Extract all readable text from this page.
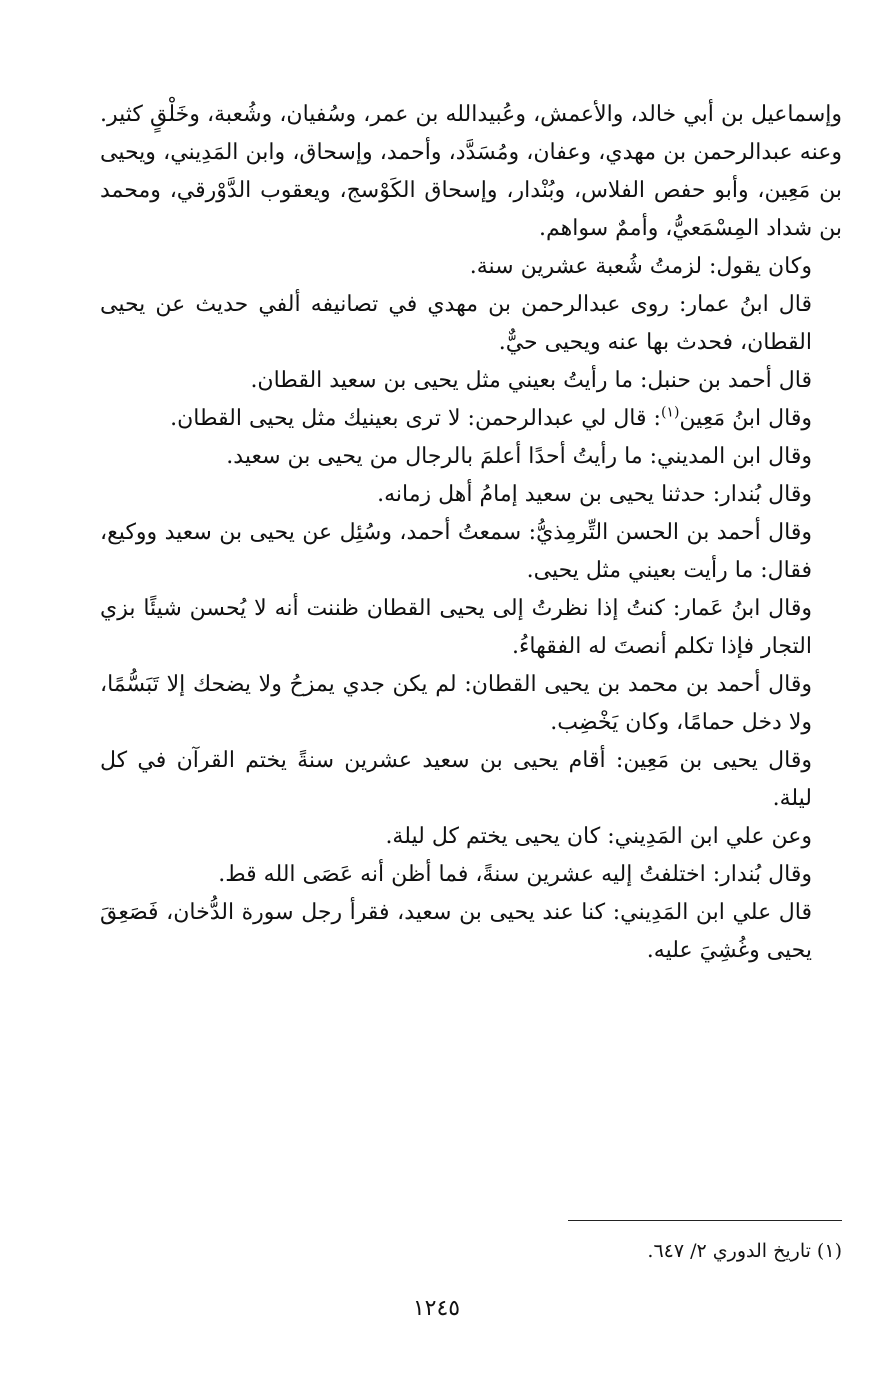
وإسماعيل بن أبي خالد، والأعمش، وعُبيدالله بن عمر، وسُفيان، وشُعبة، وخَلْقٍ كثير. وعنه عبدالرحمن بن مهدي، وعفان، ومُسَدَّد، وأحمد، وإسحاق، وابن المَدِيني، ويحيى بن مَعِين، وأبو حفص الفلاس، وبُنْدار، وإسحاق الكَوْسج، ويعقوب الدَّوْرقي، ومحمد بن شداد المِسْمَعيُّ، وأممٌ سواهم.

وكان يقول: لزمتُ شُعبة عشرين سنة.

قال ابنُ عمار: روى عبدالرحمن بن مهدي في تصانيفه ألفي حديث عن يحيى القطان، فحدث بها عنه ويحيى حيٌّ.

قال أحمد بن حنبل: ما رأيتُ بعيني مثل يحيى بن سعيد القطان.

وقال ابنُ مَعِين$^{(١)}$: قال لي عبدالرحمن: لا ترى بعينيك مثل يحيى القطان.

وقال ابن المديني: ما رأيتُ أحدًا أعلمَ بالرجال من يحيى بن سعيد.

وقال بُندار: حدثنا يحيى بن سعيد إمامُ أهل زمانه.

وقال أحمد بن الحسن التِّرمِذيُّ: سمعتُ أحمد، وسُئِل عن يحيى بن سعيد ووكيع، فقال: ما رأيت بعيني مثل يحيى.

وقال ابنُ عَمار: كنتُ إذا نظرتُ إلى يحيى القطان ظننت أنه لا يُحسن شيئًا بزي التجار فإذا تكلم أنصتَ له الفقهاءُ.

وقال أحمد بن محمد بن يحيى القطان: لم يكن جدي يمزحُ ولا يضحك إلا تَبَسُّمًا، ولا دخل حمامًا، وكان يَخْضِب.

وقال يحيى بن مَعِين: أقام يحيى بن سعيد عشرين سنةً يختم القرآن في كل ليلة.

وعن علي ابن المَدِيني: كان يحيى يختم كل ليلة.

وقال بُندار: اختلفتُ إليه عشرين سنةً، فما أظن أنه عَصَى الله قط.

قال علي ابن المَدِيني: كنا عند يحيى بن سعيد، فقرأ رجل سورة الدُّخان، فَصَعِقَ يحيى وغُشِيَ عليه.

(١) تاريخ الدوري ٢/ ٦٤٧.
١٢٤٥
